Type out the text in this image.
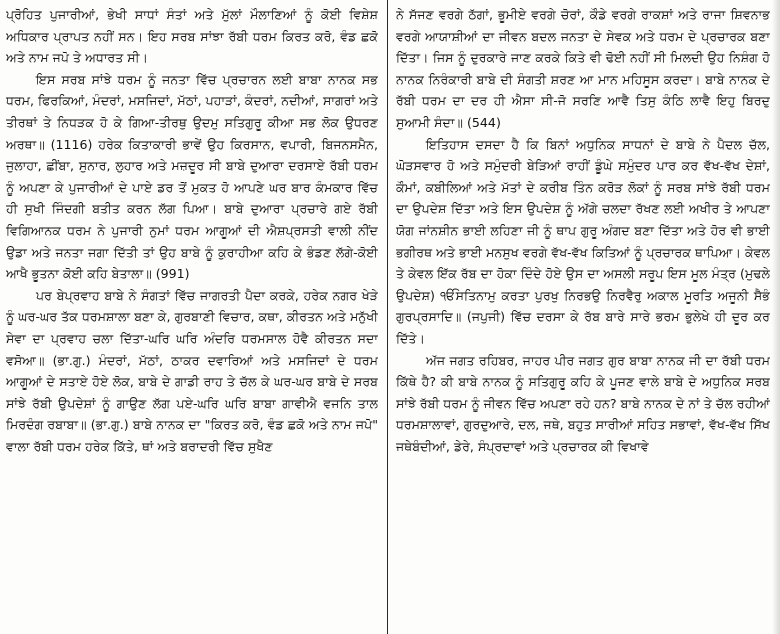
ਪ੍ਰੋਹਿਤ ਪੁਜਾਰੀਆਂ, ਭੇਖੀ ਸਾਧਾਂ ਸੰਤਾਂ ਅਤੇ ਮੁੱਲਾਂ ਮੌਲਾਣਿਆਂ ਨੂੰ ਕੋਈ ਵਿਸ਼ੇਸ਼ ਅਧਿਕਾਰ ਪ੍ਰਾਪਤ ਨਹੀਂ ਸਨ। ਇਹ ਸਰਬ ਸਾਂਝਾ ਰੱਬੀ ਧਰਮ ਕਿਰਤ ਕਰੋ, ਵੰਡ ਛਕੋ ਅਤੇ ਨਾਮ ਜਪੋ ਤੇ ਅਧਾਰਤ ਸੀ।

ਇਸ ਸਰਬ ਸਾਂਝੇ ਧਰਮ ਨੂੰ ਜਨਤਾ ਵਿੱਚ ਪ੍ਰਚਾਰਨ ਲਈ ਬਾਬਾ ਨਾਨਕ ਸਭ ਧਰਮ, ਫਿਰਕਿਆਂ, ਮੰਦਰਾਂ, ਮਸਜਿਦਾਂ, ਮੱਠਾਂ, ਪਹਾੜਾਂ, ਕੰਦਰਾਂ, ਨਦੀਆਂ, ਸਾਗਰਾਂ ਅਤੇ ਤੀਰਥਾਂ ਤੇ ਨਿਧੜਕ ਹੋ ਕੇ ਗਿਆ-ਤੀਰਥੁ ਉਦਮੁ ਸਤਿਗੁਰੂ ਕੀਆ ਸਭ ਲੋਕ ਉਧਰਣ ਅਰਥਾ॥ (1116) ਹਰੇਕ ਕਿਤਾਕਾਰੀ ਭਾਵੇਂ ਉਹ ਕਿਰਸਾਨ, ਵਪਾਰੀ, ਬਿਜਨਸਮੈਨ, ਜੁਲਾਹਾ, ਛੀਂਬਾ, ਸੁਨਾਰ, ਲੁਹਾਰ ਅਤੇ ਮਜ਼ਦੂਰ ਸੀ ਬਾਬੇ ਦੁਆਰਾ ਦਰਸਾਏ ਰੱਬੀ ਧਰਮ ਨੂੰ ਅਪਣਾ ਕੇ ਪੁਜਾਰੀਆਂ ਦੇ ਪਾਏ ਡਰ ਤੋਂ ਮੁਕਤ ਹੋ ਆਪਣੇ ਘਰ ਬਾਰ ਕੰਮਕਾਰ ਵਿੱਚ ਹੀ ਸੁਖੀ ਜਿੰਦਗੀ ਬਤੀਤ ਕਰਨ ਲੱਗ ਪਿਆ। ਬਾਬੇ ਦੁਆਰਾ ਪ੍ਰਚਾਰੇ ਗਏ ਰੱਬੀ ਵਿਗਿਆਨਕ ਧਰਮ ਨੇ ਪੁਜਾਰੀ ਨੁਮਾਂ ਧਰਮ ਆਗੂਆਂ ਦੀ ਐਸ਼ਪ੍ਰਸਤੀ ਵਾਲੀ ਨੀਂਦ ਉਡਾ ਅਤੇ ਜਨਤਾ ਜਗਾ ਦਿੱਤੀ ਤਾਂ ਉਹ ਬਾਬੇ ਨੂੰ ਕੁਰਾਹੀਆ ਕਹਿ ਕੇ ਭੰਡਣ ਲੱਗੇ-ਕੋਈ ਆਖੈ ਭੂਤਨਾ ਕੋਈ ਕਹਿ ਬੇਤਾਲਾ॥ (991)

ਪਰ ਬੇਪ੍ਰਵਾਹ ਬਾਬੇ ਨੇ ਸੰਗਤਾਂ ਵਿੱਚ ਜਾਗਰਤੀ ਪੈਦਾ ਕਰਕੇ, ਹਰੇਕ ਨਗਰ ਖੇੜੇ ਨੂੰ ਘਰ-ਘਰ ਤੱਕ ਧਰਮਸ਼ਾਲਾ ਬਣਾ ਕੇ, ਗੁਰਬਾਣੀ ਵਿਚਾਰ, ਕਥਾ, ਕੀਰਤਨ ਅਤੇ ਮਨੁੱਖੀ ਸੇਵਾ ਦਾ ਪ੍ਰਵਾਹ ਚਲਾ ਦਿੱਤਾ-ਘਰਿ ਘਰਿ ਅੰਦਰਿ ਧਰਮਸਾਲ ਹੋਵੈ ਕੀਰਤਨ ਸਦਾ ਵਸੋਆ॥ (ਭਾ.ਗੁ.) ਮੰਦਰਾਂ, ਮੱਠਾਂ, ਠਾਕਰ ਦਵਾਰਿਆਂ ਅਤੇ ਮਸਜਿਦਾਂ ਦੇ ਧਰਮ ਆਗੂਆਂ ਦੇ ਸਤਾਏ ਹੋਏ ਲੋਕ, ਬਾਬੇ ਦੇ ਗਾਡੀ ਰਾਹ ਤੇ ਚੱਲ ਕੇ ਘਰ-ਘਰ ਬਾਬੇ ਦੇ ਸਰਬ ਸਾਂਝੇ ਰੱਬੀ ਉਪਦੇਸ਼ਾਂ ਨੂੰ ਗਾਉਣ ਲੱਗ ਪਏ-ਘਰਿ ਘਰਿ ਬਾਬਾ ਗਾਵੀਐ ਵਜਨਿ ਤਾਲ ਮਿਰਦੰਗ ਰਬਾਬਾ॥ (ਭਾ.ਗੁ.) ਬਾਬੇ ਨਾਨਕ ਦਾ "ਕਿਰਤ ਕਰੋ, ਵੰਡ ਛਕੋ ਅਤੇ ਨਾਮ ਜਪੋ" ਵਾਲਾ ਰੱਬੀ ਧਰਮ ਹਰੇਕ ਕਿੱਤੇ, ਥਾਂ ਅਤੇ ਬਰਾਦਰੀ ਵਿੱਚ ਸੁਖੈਣ

ਨੇ ਸੱਜਣ ਵਰਗੇ ਠੱਗਾਂ, ਭੂਮੀਏ ਵਰਗੇ ਚੋਰਾਂ, ਕੌਡੇ ਵਰਗੇ ਰਾਕਸ਼ਾਂ ਅਤੇ ਰਾਜਾ ਸ਼ਿਵਨਾਭ ਵਰਗੇ ਆਯਾਸ਼ੀਆਂ ਦਾ ਜੀਵਨ ਬਦਲ ਜਨਤਾ ਦੇ ਸੇਵਕ ਅਤੇ ਧਰਮ ਦੇ ਪ੍ਰਚਾਰਕ ਬਣਾ ਦਿੱਤਾ। ਜਿਸ ਨੂੰ ਦੁਰਕਾਰੇ ਜਾਣ ਕਰਕੇ ਕਿਤੇ ਵੀ ਢੋਈ ਨਹੀਂ ਸੀ ਮਿਲਦੀ ਉਹ ਨਿਸ਼ੰਗ ਹੋ ਨਾਨਕ ਨਿਰੰਕਾਰੀ ਬਾਬੇ ਦੀ ਸੰਗਤੀ ਸ਼ਰਣ ਆ ਮਾਨ ਮਹਿਸੂਸ ਕਰਦਾ। ਬਾਬੇ ਨਾਨਕ ਦੇ ਰੱਬੀ ਧਰਮ ਦਾ ਦਰ ਹੀ ਐਸਾ ਸੀ-ਜੋ ਸਰਣਿ ਆਵੈ ਤਿਸੁ ਕੰਠਿ ਲਾਵੈ ਇਹੁ ਬਿਰਦੁ ਸੁਆਮੀ ਸੰਦਾ॥ (544)

ਇਤਿਹਾਸ ਦਸਦਾ ਹੈ ਕਿ ਬਿਨਾਂ ਅਧੁਨਿਕ ਸਾਧਨਾਂ ਦੇ ਬਾਬੇ ਨੇ ਪੈਦਲ ਚੱਲ, ਘੋੜਸਵਾਰ ਹੋ ਅਤੇ ਸਮੁੰਦਰੀ ਬੇੜਿਆਂ ਰਾਹੀਂ ਡੂੰਘੇ ਸਮੁੰਦਰ ਪਾਰ ਕਰ ਵੱਖ-ਵੱਖ ਦੇਸ਼ਾਂ, ਕੌਮਾਂ, ਕਬੀਲਿਆਂ ਅਤੇ ਮੱਤਾਂ ਦੇ ਕਰੀਬ ਤਿੰਨ ਕਰੋੜ ਲੋਕਾਂ ਨੂੰ ਸਰਬ ਸਾਂਝੇ ਰੱਬੀ ਧਰਮ ਦਾ ਉਪਦੇਸ਼ ਦਿੱਤਾ ਅਤੇ ਇਸ ਉਪਦੇਸ਼ ਨੂੰ ਅੱਗੇ ਚਲਦਾ ਰੱਖਣ ਲਈ ਅਖੀਰ ਤੇ ਆਪਣਾ ਯੋਗ ਜਾਂਨਸ਼ੀਨ ਭਾਈ ਲਹਿਣਾ ਜੀ ਨੂੰ ਥਾਪ ਗੁਰੂ ਅੰਗਦ ਬਣਾ ਦਿੱਤਾ ਅਤੇ ਹੋਰ ਵੀ ਭਾਈ ਭਗੀਰਥ ਅਤੇ ਭਾਈ ਮਨਸੁਖ ਵਰਗੇ ਵੱਖ-ਵੱਖ ਕਿਤਿਆਂ ਨੂੰ ਪ੍ਰਚਾਰਕ ਥਾਪਿਆ। ਕੇਵਲ ਤੇ ਕੇਵਲ ਇੱਕ ਰੱਬ ਦਾ ਹੋਕਾ ਦਿੰਦੇ ਹੋਏ ਉਸ ਦਾ ਅਸਲੀ ਸਰੂਪ ਇਸ ਮੂਲ ਮੰਤ੍ਰ (ਮੁਢਲੇ ਉਪਦੇਸ਼) ੴਸਤਿਨਾਮੁ ਕਰਤਾ ਪੁਰਖੁ ਨਿਰਭਉ ਨਿਰਵੈਰੁ ਅਕਾਲ ਮੂਰਤਿ ਅਜੂਨੀ ਸੈਭੰ ਗੁਰਪ੍ਰਸਾਦਿ॥ (ਜਪੁਜੀ) ਵਿੱਚ ਦਰਸਾ ਕੇ ਰੱਬ ਬਾਰੇ ਸਾਰੇ ਭਰਮ ਭੁਲੇਖੇ ਹੀ ਦੂਰ ਕਰ ਦਿੱਤੇ।

ਅੱਜ ਜਗਤ ਰਹਿਬਰ, ਜਾਹਰ ਪੀਰ ਜਗਤ ਗੁਰ ਬਾਬਾ ਨਾਨਕ ਜੀ ਦਾ ਰੱਬੀ ਧਰਮ ਕਿੱਥੇ ਹੈ? ਕੀ ਬਾਬੇ ਨਾਨਕ ਨੂੰ ਸਤਿਗੁਰੂ ਕਹਿ ਕੇ ਪੂਜਣ ਵਾਲੇ ਬਾਬੇ ਦੇ ਅਧੁਨਿਕ ਸਰਬ ਸਾਂਝੇ ਰੱਬੀ ਧਰਮ ਨੂੰ ਜੀਵਨ ਵਿੱਚ ਅਪਣਾ ਰਹੇ ਹਨ? ਬਾਬੇ ਨਾਨਕ ਦੇ ਨਾਂ ਤੇ ਚੱਲ ਰਹੀਆਂ ਧਰਮਸ਼ਾਲਾਵਾਂ, ਗੁਰਦੁਆਰੇ, ਦਲ, ਜਥੇ, ਬਹੁਤ ਸਾਰੀਆਂ ਸਹਿਤ ਸਭਾਵਾਂ, ਵੱਖ-ਵੱਖ ਸਿੱਖ ਜਥੇਬੰਦੀਆਂ, ਡੇਰੇ, ਸੰਪ੍ਰਦਾਵਾਂ ਅਤੇ ਪ੍ਰਚਾਰਕ ਕੀ ਵਿਖਾਵੇ
